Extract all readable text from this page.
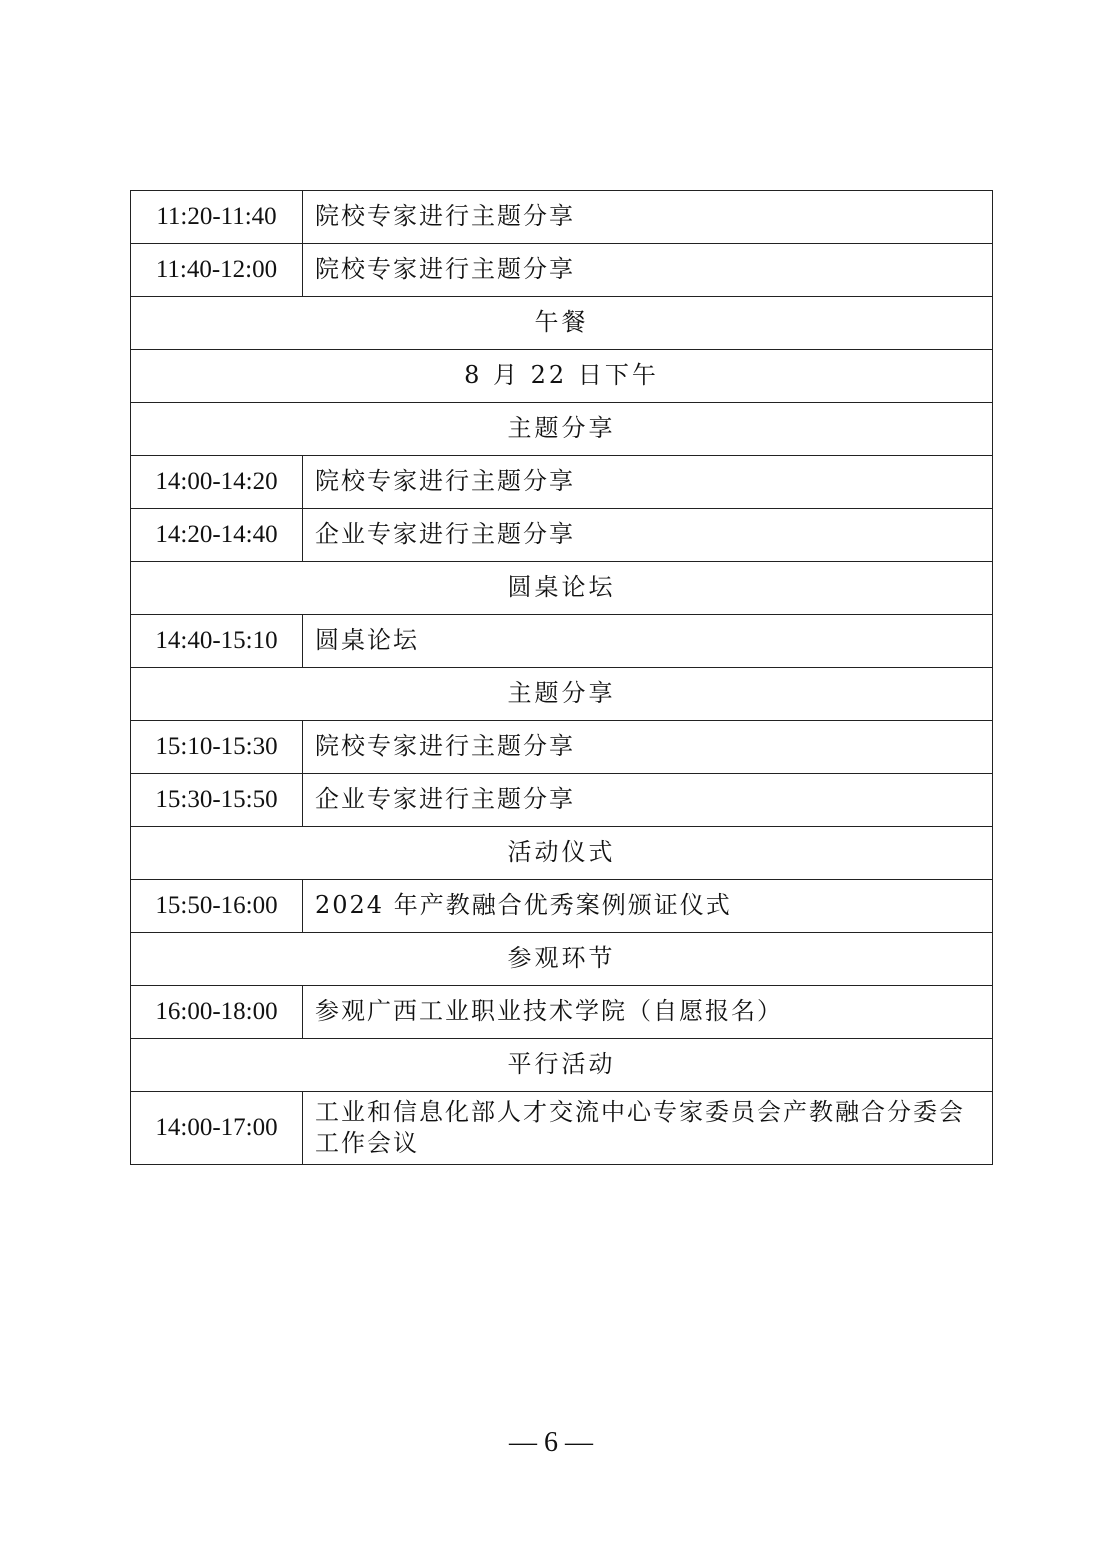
11:20-11:40	院校专家进行主题分享
11:40-12:00	院校专家进行主题分享
午餐	
8 月 22 日下午	
主题分享	
14:00-14:20	院校专家进行主题分享
14:20-14:40	企业专家进行主题分享
圆桌论坛	
14:40-15:10	圆桌论坛
主题分享	
15:10-15:30	院校专家进行主题分享
15:30-15:50	企业专家进行主题分享
活动仪式	
15:50-16:00	2024 年产教融合优秀案例颁证仪式
参观环节	
16:00-18:00	参观广西工业职业技术学院（自愿报名）
平行活动	
14:00-17:00	工业和信息化部人才交流中心专家委员会产教融合分委会工作会议
— 6 —
